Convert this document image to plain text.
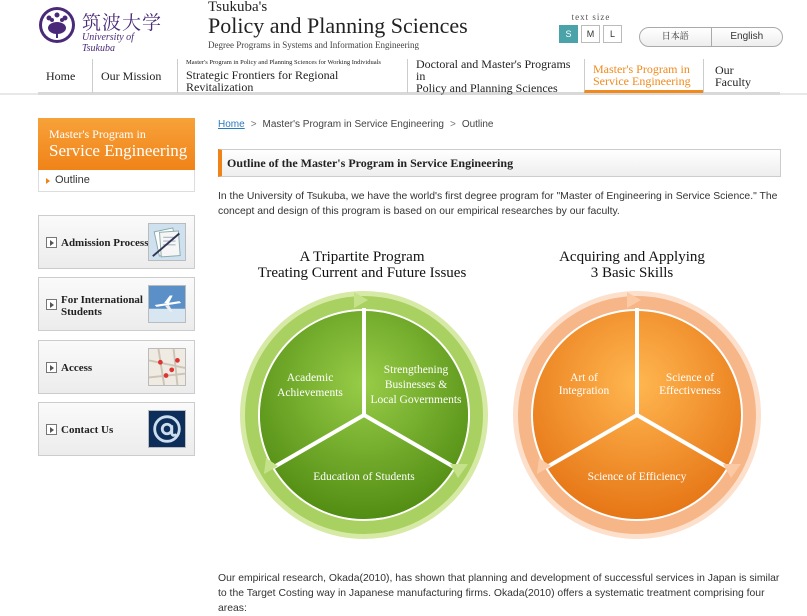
筑波大学
University of Tsukuba
Tsukuba's
Policy and Planning Sciences
Degree Programs in Systems and Information Engineering
text size
S	M	L	日本語	English
Home	Our Mission
Master's Program in Policy and Planning Sciences for Working Individuals
Strategic Frontiers for Regional Revitalization
Doctoral and Master's Programs in
Policy and Planning Sciences
Master's Program in
Service Engineering
Our Faculty
Master's Program in
Service Engineering
Outline
Admission Process
For International Students
Access
Contact Us
Home > Master's Program in Service Engineering > Outline
Outline of the Master's Program in Service Engineering
In the University of Tsukuba, we have the world's first degree program for "Master of Engineering in Service Science." The concept and design of this program is based on our empirical researches by our faculty.
A Tripartite Program
Treating Current and Future Issues
Academic
Achievements
Strengthening
Businesses &
Local Governments
Education of Students
Acquiring and Applying
3 Basic Skills
Art of
Integration
Science of
Effectiveness
Science of Efficiency
Our empirical research, Okada(2010), has shown that planning and development of successful services in Japan is similar to the Target Costing way in Japanese manufacturing firms. Okada(2010) offers a systematic treatment comprising four areas:
